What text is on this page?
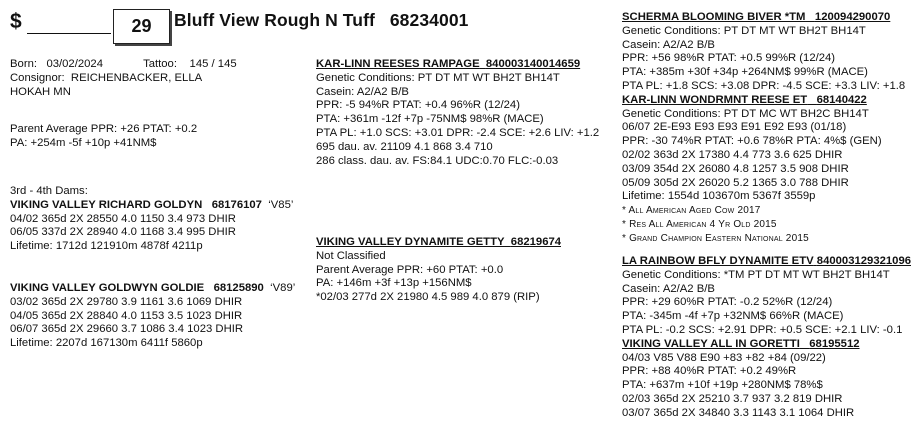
$	29 Bluff View Rough N Tuff 68234001
Born: 03/02/2024	Tattoo: 145 / 145
Consignor: REICHENBACKER, ELLA
HOKAH MN
Parent Average PPR: +26 PTAT: +0.2
PA: +254m -5f +10p +41NM$
3rd - 4th Dams:
VIKING VALLEY RICHARD GOLDYN 68176107 ‘V85’
04/02 365d 2X 28550 4.0 1150 3.4 973 DHIR
06/05 337d 2X 28940 4.0 1168 3.4 995 DHIR
Lifetime: 1712d 121910m 4878f 4211p
VIKING VALLEY GOLDWYN GOLDIE 68125890 ‘V89’
03/02 365d 2X 29780 3.9 1161 3.6 1069 DHIR
04/05 365d 2X 28840 4.0 1153 3.5 1023 DHIR
06/07 365d 2X 29660 3.7 1086 3.4 1023 DHIR
Lifetime: 2207d 167130m 6411f 5860p
KAR-LINN REESES RAMPAGE 840003140014659
Genetic Conditions: PT DT MT WT BH2T BH14T
Casein: A2/A2 B/B
PPR: -5 94%R PTAT: +0.4 96%R (12/24)
PTA: +361m -12f +7p -75NM$ 98%R (MACE)
PTA PL: +1.0 SCS: +3.01 DPR: -2.4 SCE: +2.6 LIV: +1.2
695 dau. av. 21109 4.1 868 3.4 710
286 class. dau. av. FS:84.1 UDC:0.70 FLC:-0.03
VIKING VALLEY DYNAMITE GETTY 68219674
Not Classified
Parent Average PPR: +60 PTAT: +0.0
PA: +146m +3f +13p +156NM$
*02/03 277d 2X 21980 4.5 989 4.0 879 (RIP)
SCHERMA BLOOMING BIVER *TM 120094290070
Genetic Conditions: PT DT MT WT BH2T BH14T
Casein: A2/A2 B/B
PPR: +56 98%R PTAT: +0.5 99%R (12/24)
PTA: +385m +30f +34p +264NM$ 99%R (MACE)
PTA PL: +1.8 SCS: +3.08 DPR: -4.5 SCE: +3.3 LIV: +1.8
KAR-LINN WONDRMNT REESE ET 68140422
Genetic Conditions: PT DT MC WT BH2C BH14T
06/07 2E-E93 E93 E93 E91 E92 E93 (01/18)
PPR: -30 74%R PTAT: +0.6 78%R PTA: 4%$ (GEN)
02/02 363d 2X 17380 4.4 773 3.6 625 DHIR
03/09 354d 2X 26080 4.8 1257 3.5 908 DHIR
05/09 305d 2X 26020 5.2 1365 3.0 788 DHIR
Lifetime: 1554d 103670m 5367f 3559p
* All American Aged Cow 2017
* Res All American 4 Yr Old 2015
* Grand Champion Eastern National 2015
LA RAINBOW BFLY DYNAMITE ETV 840003129321096
Genetic Conditions: *TM PT DT MT WT BH2T BH14T
Casein: A2/A2 B/B
PPR: +29 60%R PTAT: -0.2 52%R (12/24)
PTA: -345m -4f +7p +32NM$ 66%R (MACE)
PTA PL: -0.2 SCS: +2.91 DPR: +0.5 SCE: +2.1 LIV: -0.1
VIKING VALLEY ALL IN GORETTI 68195512
04/03 V85 V88 E90 +83 +82 +84 (09/22)
PPR: +88 40%R PTAT: +0.2 49%R
PTA: +637m +10f +19p +280NM$ 78%$
02/03 365d 2X 25210 3.7 937 3.2 819 DHIR
03/07 365d 2X 34840 3.3 1143 3.1 1064 DHIR
